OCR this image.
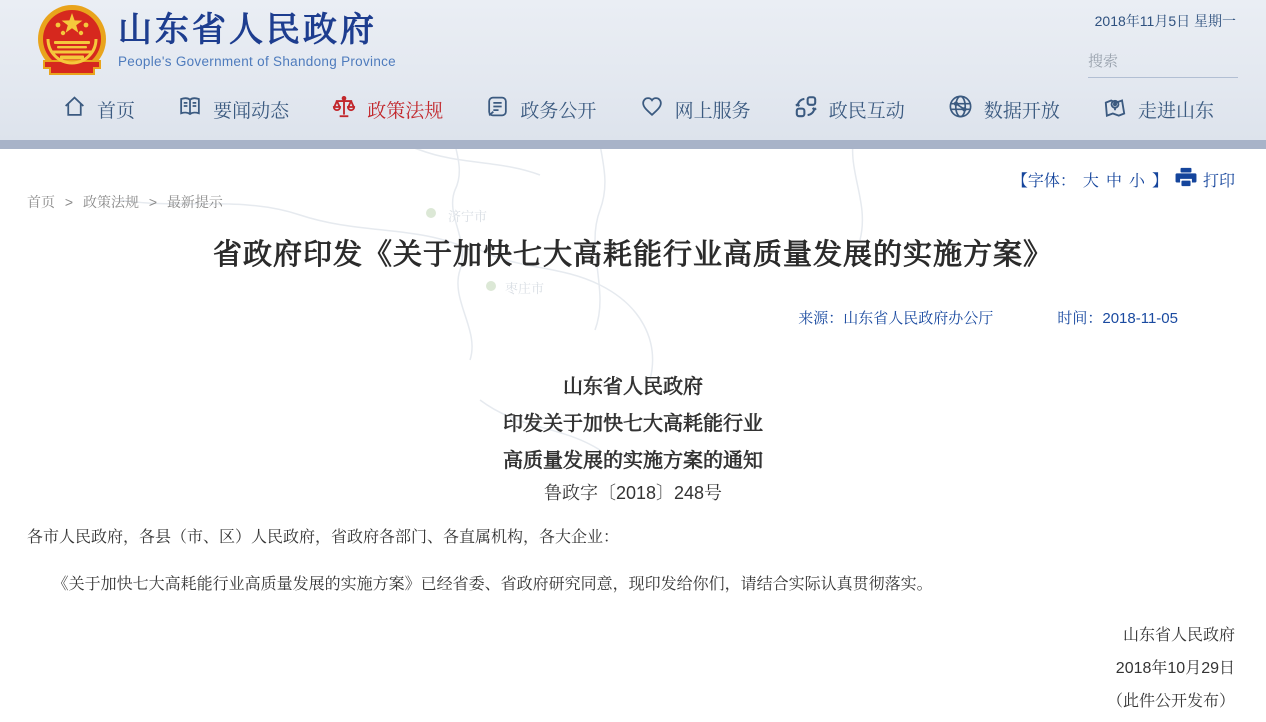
济宁市
枣庄市
山东省人民政府
People's Government of Shandong Province
2018年11月5日 星期一
搜索
首页	要闻动态	政策法规	政务公开	网上服务	政民互动	数据开放	走进山东
【字体： 大 中 小 】 打印
首页 > 政策法规 > 最新提示
省政府印发《关于加快七大高耗能行业高质量发展的实施方案》
来源：山东省人民政府办公厅	时间：2018-11-05
山东省人民政府
印发关于加快七大高耗能行业
高质量发展的实施方案的通知
鲁政字〔2018〕248号

各市人民政府，各县（市、区）人民政府，省政府各部门、各直属机构，各大企业：

《关于加快七大高耗能行业高质量发展的实施方案》已经省委、省政府研究同意，现印发给你们，请结合实际认真贯彻落实。

山东省人民政府
2018年10月29日
（此件公开发布）
